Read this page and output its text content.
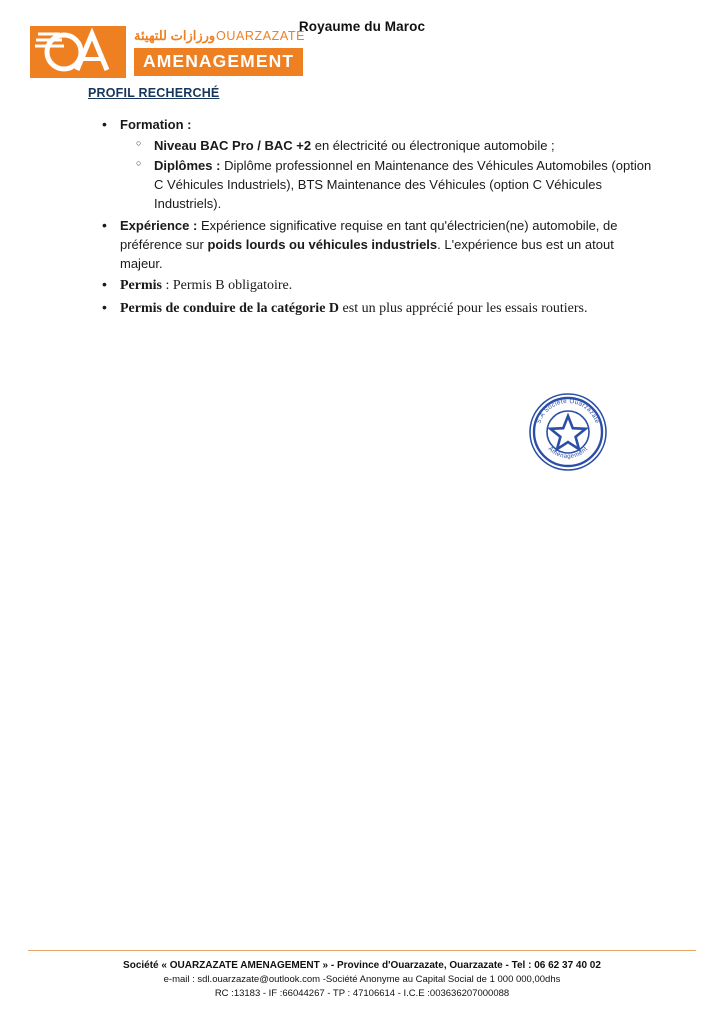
Royaume du Maroc
ورزازات للتهيئة OUARZAZATE
AMENAGEMENT
PROFIL RECHERCHÉ
• Formation :
○ Niveau BAC Pro / BAC +2 en électricité ou électronique automobile ;
○ Diplômes : Diplôme professionnel en Maintenance des Véhicules Automobiles (option C Véhicules Industriels), BTS Maintenance des Véhicules (option C Véhicules Industriels).
• Expérience : Expérience significative requise en tant qu'électricien(ne) automobile, de préférence sur poids lourds ou véhicules industriels. L'expérience bus est un atout majeur.
• Permis : Permis B obligatoire.
• Permis de conduire de la catégorie D est un plus apprécié pour les essais routiers.
S.A Société Ouarzazate
Aménagement
Société « OUARZAZATE AMENAGEMENT » - Province d'Ouarzazate, Ouarzazate - Tel : 06 62 37 40 02
e-mail : sdl.ouarzazate@outlook.com -Société Anonyme au Capital Social de 1 000 000,00dhs
RC :13183 - IF :66044267 - TP : 47106614 - I.C.E :003636207000088
